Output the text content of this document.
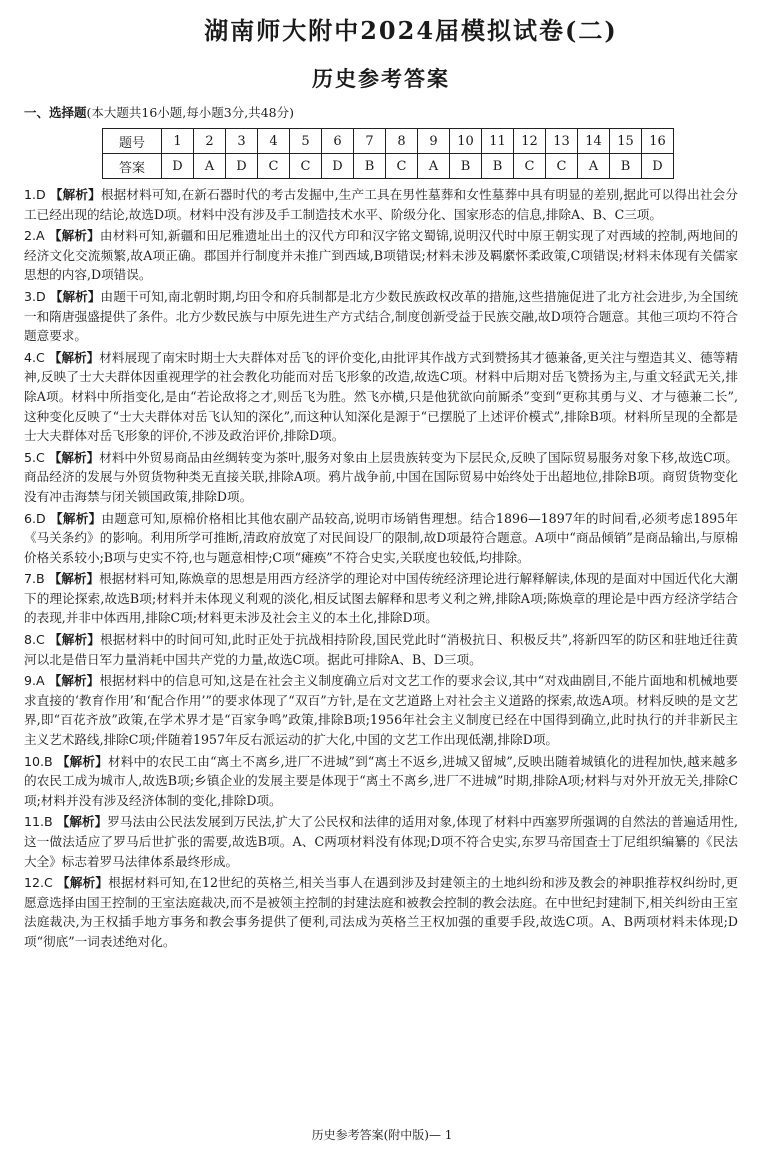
湖南师大附中2024届模拟试卷(二)
历史参考答案
一、选择题(本大题共16小题,每小题3分,共48分)
题号	1	2	3	4	5	6	7	8	9	10	11	12	13	14	15	16
答案	D	A	D	C	C	D	B	C	A	B	B	C	C	A	B	D
1.D 【解析】根据材料可知,在新石器时代的考古发掘中,生产工具在男性墓葬和女性墓葬中具有明显的差别,据此可以得出社会分工已经出现的结论,故选D项。材料中没有涉及手工制造技术水平、阶级分化、国家形态的信息,排除A、B、C三项。
2.A 【解析】由材料可知,新疆和田尼雅遗址出土的汉代方印和汉字铭文蜀锦,说明汉代时中原王朝实现了对西域的控制,两地间的经济文化交流频繁,故A项正确。郡国并行制度并未推广到西域,B项错误;材料未涉及羁縻怀柔政策,C项错误;材料未体现有关儒家思想的内容,D项错误。
3.D 【解析】由题干可知,南北朝时期,均田令和府兵制都是北方少数民族政权改革的措施,这些措施促进了北方社会进步,为全国统一和隋唐强盛提供了条件。北方少数民族与中原先进生产方式结合,制度创新受益于民族交融,故D项符合题意。其他三项均不符合题意要求。
4.C 【解析】材料展现了南宋时期士大夫群体对岳飞的评价变化,由批评其作战方式到赞扬其才德兼备,更关注与塑造其义、德等精神,反映了士大夫群体因重视理学的社会教化功能而对岳飞形象的改造,故选C项。材料中后期对岳飞赞扬为主,与重文轻武无关,排除A项。材料中所指变化,是由“若论敌将之才,则岳飞为胜。然飞亦横,只是他犹欲向前厮杀”变到“更称其勇与义、才与德兼二长”,这种变化反映了“士大夫群体对岳飞认知的深化”,而这种认知深化是源于“已摆脱了上述评价模式”,排除B项。材料所呈现的全都是士大夫群体对岳飞形象的评价,不涉及政治评价,排除D项。
5.C 【解析】材料中外贸易商品由丝绸转变为茶叶,服务对象由上层贵族转变为下层民众,反映了国际贸易服务对象下移,故选C项。商品经济的发展与外贸货物种类无直接关联,排除A项。鸦片战争前,中国在国际贸易中始终处于出超地位,排除B项。商贸货物变化没有冲击海禁与闭关锁国政策,排除D项。
6.D 【解析】由题意可知,原棉价格相比其他农副产品较高,说明市场销售理想。结合1896—1897年的时间看,必须考虑1895年《马关条约》的影响。利用所学可推断,清政府放宽了对民间设厂的限制,故D项最符合题意。A项中“商品倾销”是商品输出,与原棉价格关系较小;B项与史实不符,也与题意相悖;C项“瘫痪”不符合史实,关联度也较低,均排除。
7.B 【解析】根据材料可知,陈焕章的思想是用西方经济学的理论对中国传统经济理论进行解释解读,体现的是面对中国近代化大潮下的理论探索,故选B项;材料并未体现义利观的淡化,相反试图去解释和思考义利之辨,排除A项;陈焕章的理论是中西方经济学结合的表现,并非中体西用,排除C项;材料更未涉及社会主义的本土化,排除D项。
8.C 【解析】根据材料中的时间可知,此时正处于抗战相持阶段,国民党此时“消极抗日、积极反共”,将新四军的防区和驻地迁往黄河以北是借日军力量消耗中国共产党的力量,故选C项。据此可排除A、B、D三项。
9.A 【解析】根据材料中的信息可知,这是在社会主义制度确立后对文艺工作的要求会议,其中“对戏曲剧目,不能片面地和机械地要求直接的‘教育作用’和‘配合作用’”的要求体现了“双百”方针,是在文艺道路上对社会主义道路的探索,故选A项。材料反映的是文艺界,即“百花齐放”政策,在学术界才是“百家争鸣”政策,排除B项;1956年社会主义制度已经在中国得到确立,此时执行的并非新民主主义艺术路线,排除C项;伴随着1957年反右派运动的扩大化,中国的文艺工作出现低潮,排除D项。
10.B 【解析】材料中的农民工由“离土不离乡,进厂不进城”到“离土不返乡,进城又留城”,反映出随着城镇化的进程加快,越来越多的农民工成为城市人,故选B项;乡镇企业的发展主要是体现于“离土不离乡,进厂不进城”时期,排除A项;材料与对外开放无关,排除C项;材料并没有涉及经济体制的变化,排除D项。
11.B 【解析】罗马法由公民法发展到万民法,扩大了公民权和法律的适用对象,体现了材料中西塞罗所强调的自然法的普遍适用性,这一做法适应了罗马后世扩张的需要,故选B项。A、C两项材料没有体现;D项不符合史实,东罗马帝国查士丁尼组织编纂的《民法大全》标志着罗马法律体系最终形成。
12.C 【解析】根据材料可知,在12世纪的英格兰,相关当事人在遇到涉及封建领主的土地纠纷和涉及教会的神职推荐权纠纷时,更愿意选择由国王控制的王室法庭裁决,而不是被领主控制的封建法庭和被教会控制的教会法庭。在中世纪封建制下,相关纠纷由王室法庭裁决,为王权插手地方事务和教会事务提供了便利,司法成为英格兰王权加强的重要手段,故选C项。A、B两项材料未体现;D项“彻底”一词表述绝对化。
历史参考答案(附中版)— 1
